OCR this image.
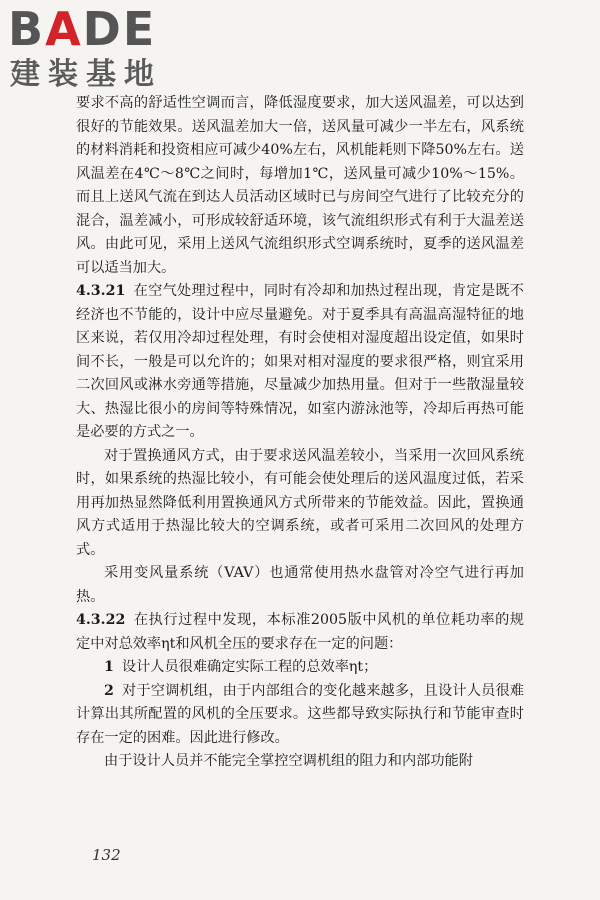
BADE
建装基地

要求不高的舒适性空调而言，降低湿度要求，加大送风温差，可以达到很好的节能效果。送风温差加大一倍，送风量可减少一半左右，风系统的材料消耗和投资相应可减少40%左右，风机能耗则下降50%左右。送风温差在4℃～8℃之间时，每增加1℃，送风量可减少10%～15%。而且上送风气流在到达人员活动区域时已与房间空气进行了比较充分的混合，温差减小，可形成较舒适环境，该气流组织形式有利于大温差送风。由此可见，采用上送风气流组织形式空调系统时，夏季的送风温差可以适当加大。

4.3.21 在空气处理过程中，同时有冷却和加热过程出现，肯定是既不经济也不节能的，设计中应尽量避免。对于夏季具有高温高湿特征的地区来说，若仅用冷却过程处理，有时会使相对湿度超出设定值，如果时间不长，一般是可以允许的；如果对相对湿度的要求很严格，则宜采用二次回风或淋水旁通等措施，尽量减少加热用量。但对于一些散湿量较大、热湿比很小的房间等特殊情况，如室内游泳池等，冷却后再热可能是必要的方式之一。

对于置换通风方式，由于要求送风温差较小，当采用一次回风系统时，如果系统的热湿比较小，有可能会使处理后的送风温度过低，若采用再加热显然降低利用置换通风方式所带来的节能效益。因此，置换通风方式适用于热湿比较大的空调系统，或者可采用二次回风的处理方式。

采用变风量系统（VAV）也通常使用热水盘管对冷空气进行再加热。

4.3.22 在执行过程中发现，本标准2005版中风机的单位耗功率的规定中对总效率ηt和风机全压的要求存在一定的问题：

1 设计人员很难确定实际工程的总效率ηt；

2 对于空调机组，由于内部组合的变化越来越多，且设计人员很难计算出其所配置的风机的全压要求。这些都导致实际执行和节能审查时存在一定的困难。因此进行修改。

由于设计人员并不能完全掌控空调机组的阻力和内部功能附

132
